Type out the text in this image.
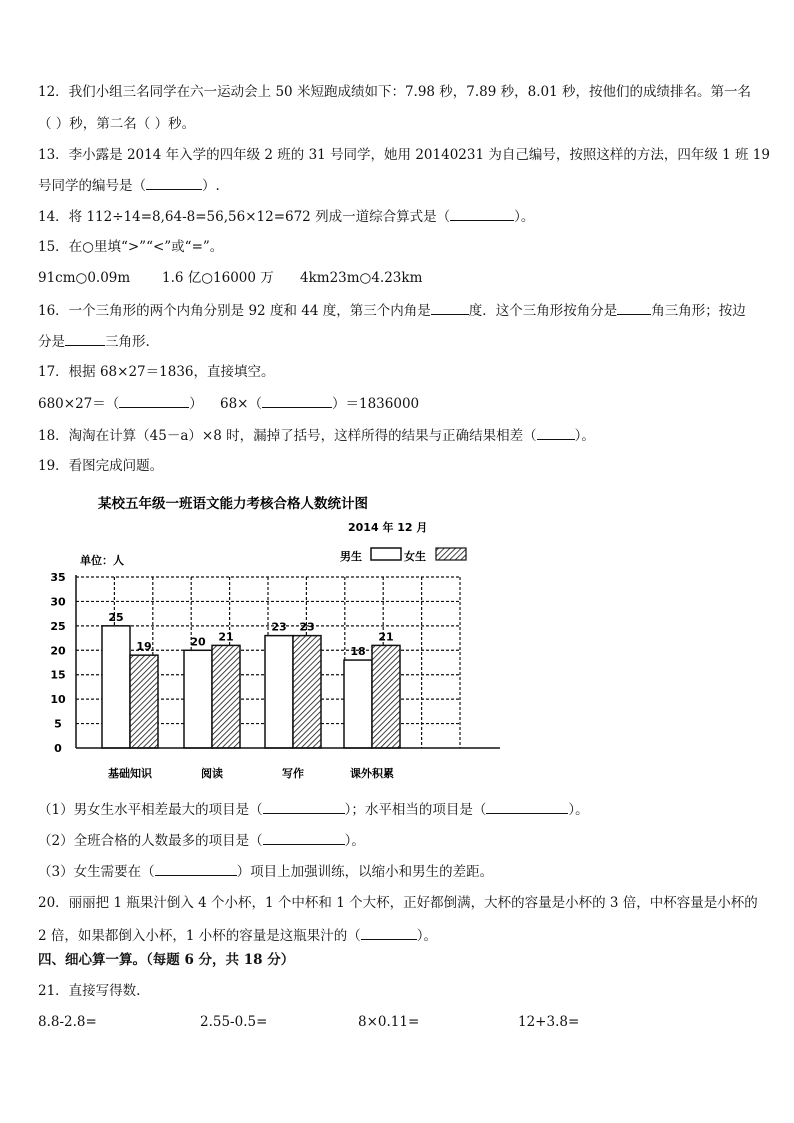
12．我们小组三名同学在六一运动会上 50 米短跑成绩如下：7.98 秒，7.89 秒，8.01 秒，按他们的成绩排名。第一名
（ ）秒，第二名（ ）秒。
13．李小露是 2014 年入学的四年级 2 班的 31 号同学，她用 20140231 为自己编号，按照这样的方法，四年级 1 班 19
号同学的编号是（	）.
14．将 112÷14=8,64-8=56,56×12=672 列成一道综合算式是（	）。
15．在○里填“>”“<”或“=”。
91cm○0.09m 1.6 亿○16000 万 4km23m○4.23km
16．一个三角形的两个内角分别是 92 度和 44 度，第三个内角是	度．这个三角形按角分是	角三角形；按边
分是	三角形.
17．根据 68×27＝1836，直接填空。
680×27＝（	） 68×（	）＝1836000
18．淘淘在计算（45－a）×8 时，漏掉了括号，这样所得的结果与正确结果相差（	）。
19．看图完成问题。
某校五年级一班语文能力考核合格人数统计图
2014 年 12 月
单位：人	男生	女生
25
19	20 21
23 23
18
21
0
5
10
15
20
25
30
35
基础知识	阅读	写作	课外积累
（1）男女生水平相差最大的项目是（	）；水平相当的项目是（	）。
（2）全班合格的人数最多的项目是（	）。
（3）女生需要在（	）项目上加强训练，以缩小和男生的差距。
20．丽丽把 1 瓶果汁倒入 4 个小杯，1 个中杯和 1 个大杯，正好都倒满，大杯的容量是小杯的 3 倍，中杯容量是小杯的
2 倍，如果都倒入小杯，1 小杯的容量是这瓶果汁的（	）。
四、细心算一算。（每题 6 分，共 18 分）
21．直接写得数.
8.8-2.8=	2.55-0.5=	8×0.11=	12+3.8=
